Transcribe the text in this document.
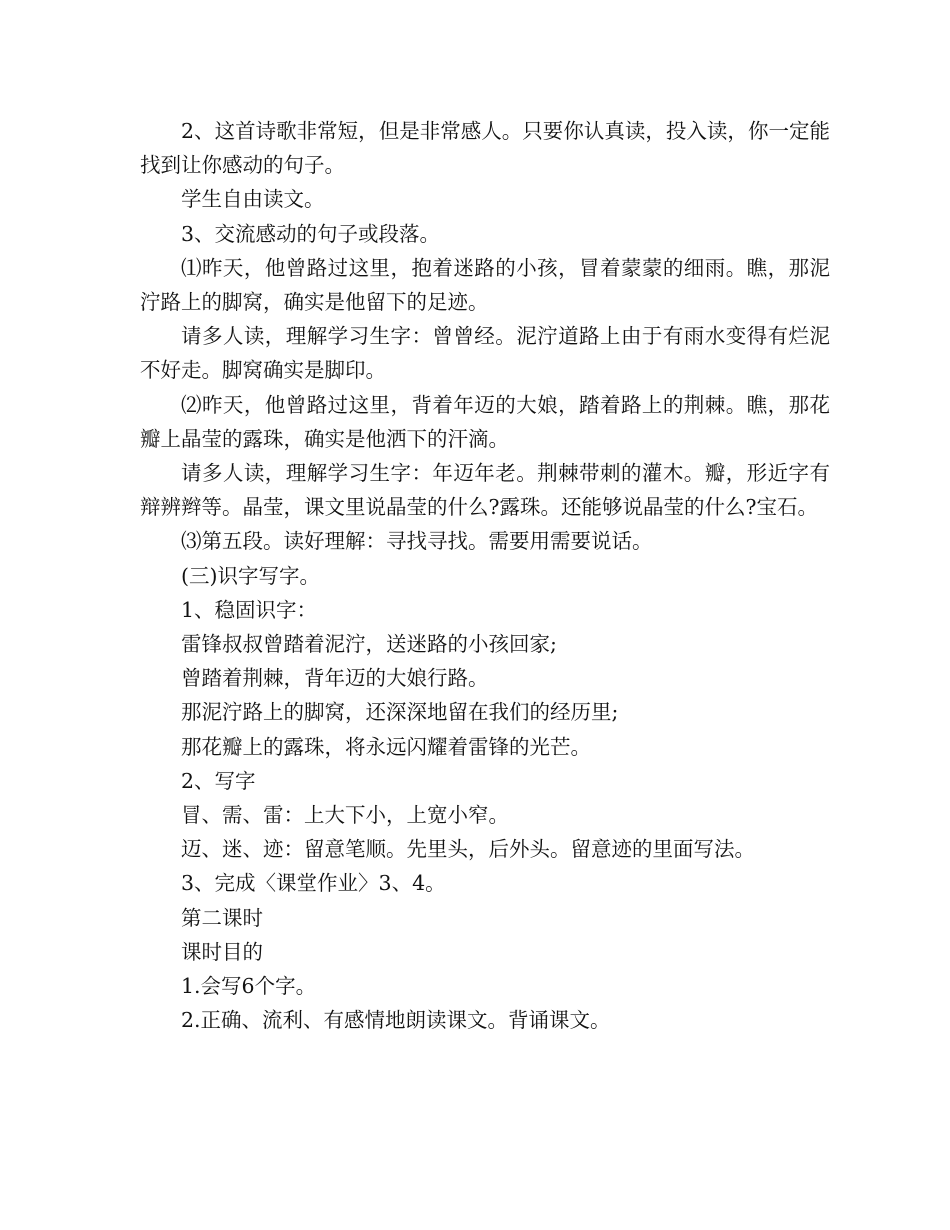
2、这首诗歌非常短，但是非常感人。只要你认真读，投入读，你一定能找到让你感动的句子。

学生自由读文。

3、交流感动的句子或段落。

⑴昨天，他曾路过这里，抱着迷路的小孩，冒着蒙蒙的细雨。瞧，那泥泞路上的脚窝，确实是他留下的足迹。

请多人读，理解学习生字：曾曾经。泥泞道路上由于有雨水变得有烂泥不好走。脚窝确实是脚印。

⑵昨天，他曾路过这里，背着年迈的大娘，踏着路上的荆棘。瞧，那花瓣上晶莹的露珠，确实是他洒下的汗滴。

请多人读，理解学习生字：年迈年老。荆棘带刺的灌木。瓣，形近字有辩辨辫等。晶莹，课文里说晶莹的什么?露珠。还能够说晶莹的什么?宝石。

⑶第五段。读好理解：寻找寻找。需要用需要说话。

(三)识字写字。

1、稳固识字：

雷锋叔叔曾踏着泥泞，送迷路的小孩回家;

曾踏着荆棘，背年迈的大娘行路。

那泥泞路上的脚窝，还深深地留在我们的经历里;

那花瓣上的露珠，将永远闪耀着雷锋的光芒。

2、写字

冒、需、雷：上大下小，上宽小窄。

迈、迷、迹：留意笔顺。先里头，后外头。留意迹的里面写法。

3、完成〈课堂作业〉3、4。

第二课时

课时目的

1.会写6个字。

2.正确、流利、有感情地朗读课文。背诵课文。
